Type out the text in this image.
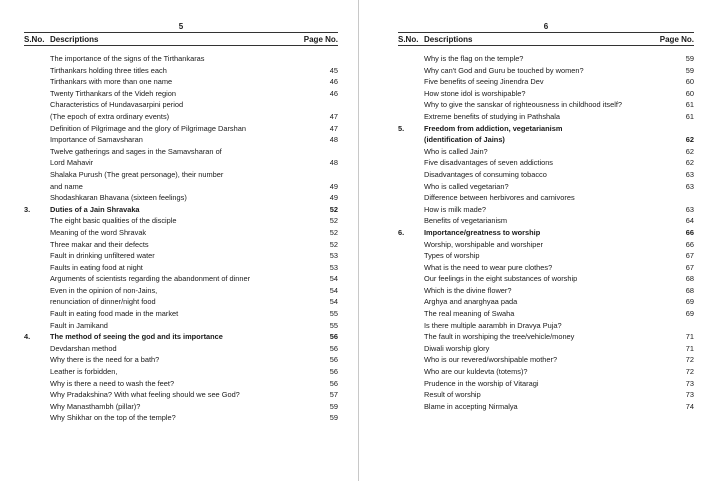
5
S.No. Descriptions	Page No.
The importance of the signs of the Tirthankaras
Tirthankars holding three titles each	45
Tirthankars with more than one name	46
Twenty Tirthankars of the Videh region	46
Characteristics of Hundavasarpini period
(The epoch of extra ordinary events)	47
Definition of Pilgrimage and the glory of Pilgrimage Darshan	47
Importance of Samavsharan	48
Twelve gatherings and sages in the Samavsharan of
Lord Mahavir	48
Shalaka Purush (The great personage), their number
and name	49
Shodashkaran Bhavana (sixteen feelings)	49
3.	Duties of a Jain Shravaka	52
The eight basic qualities of the disciple	52
Meaning of the word Shravak	52
Three makar and their defects	52
Fault in drinking unfiltered water	53
Faults in eating food at night	53
Arguments of scientists regarding the abandonment of dinner	54
Even in the opinion of non-Jains,	54
renunciation of dinner/night food	54
Fault in eating food made in the market	55
Fault in Jamikand	55
4.	The method of seeing the god and its importance	56
Devdarshan method	56
Why there is the need for a bath?	56
Leather is forbidden,	56
Why is there a need to wash the feet?	56
Why Pradakshina? With what feeling should we see God?	57
Why Manasthambh (pillar)?	59
Why Shikhar on the top of the temple?	59
6
S.No. Descriptions	Page No.
Why is the flag on the temple?	59
Why can't God and Guru be touched by women?	59
Five benefits of seeing Jinendra Dev	60
How stone idol is worshipable?	60
Why to give the sanskar of righteousness in childhood itself?	61
Extreme benefits of studying in Pathshala	61
5.	Freedom from addiction, vegetarianism
(identification of Jains)	62
Who is called Jain?	62
Five disadvantages of seven addictions	62
Disadvantages of consuming tobacco	63
Who is called vegetarian?	63
Difference between herbivores and carnivores
How is milk made?	63
Benefits of vegetarianism	64
6.	Importance/greatness to worship	66
Worship, worshipable and worshiper	66
Types of worship	67
What is the need to wear pure clothes?	67
Our feelings in the eight substances of worship	68
Which is the divine flower?	68
Arghya and anarghyaa pada	69
The real meaning of Swaha	69
Is there multiple aarambh in Dravya Puja?
The fault in worshiping the tree/vehicle/money	71
Diwali worship glory	71
Who is our revered/worshipable mother?	72
Who are our kuldevta (totems)?	72
Prudence in the worship of Vitaragi	73
Result of worship	73
Blame in accepting Nirmalya	74
